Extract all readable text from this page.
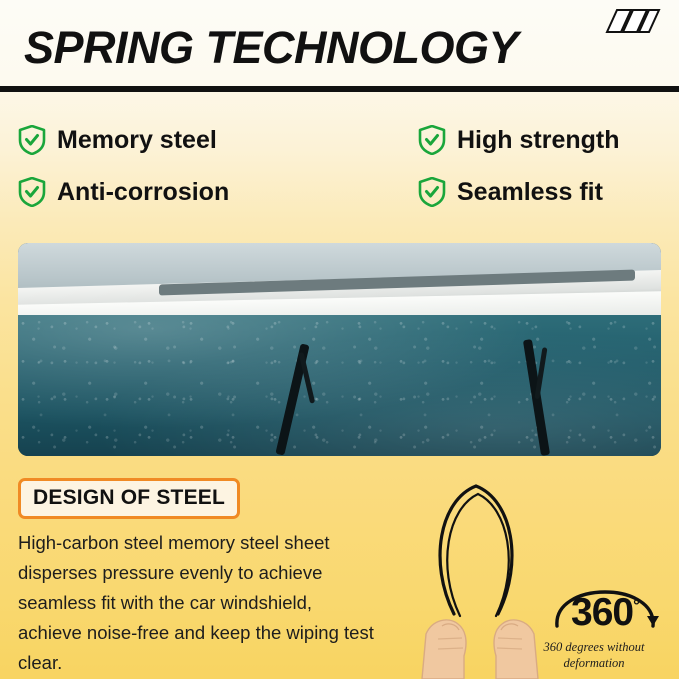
SPRING TECHNOLOGY
Memory steel	High strength
Anti-corrosion	Seamless fit
DESIGN OF STEEL

High-carbon steel memory steel sheet disperses pressure evenly to achieve seamless fit with the car windshield, achieve noise-free and keep the wiping test clear.

360°
360 degrees without deformation
